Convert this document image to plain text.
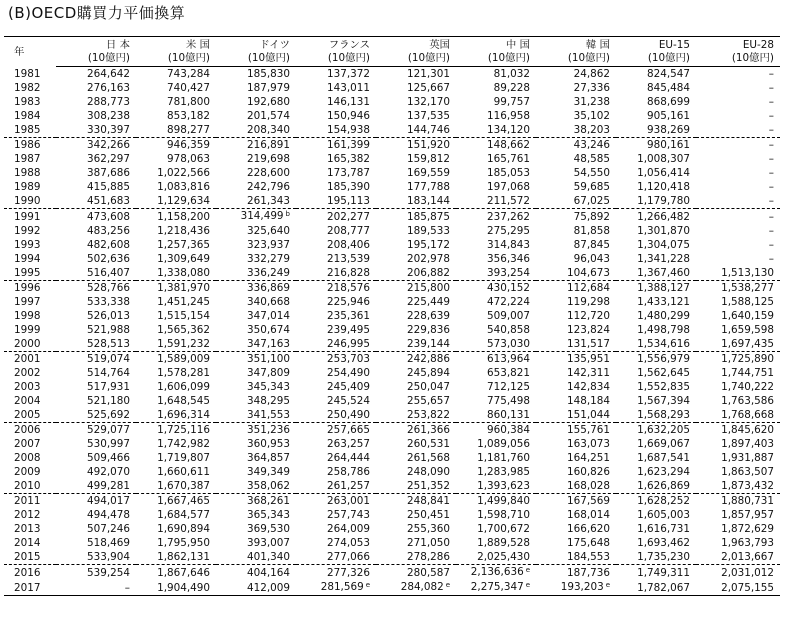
(B)OECD購買力平価換算
年	日 本	米 国	ドイツ	フランス	英国	中 国	韓 国	EU-15	EU-28
	(10億円)	(10億円)	(10億円)	(10億円)	(10億円)	(10億円)	(10億円)	(10億円)	(10億円)
1981	264,642	743,284	185,830	137,372	121,301	81,032	24,862	824,547	–
1982	276,163	740,427	187,979	143,011	125,667	89,228	27,336	845,484	–
1983	288,773	781,800	192,680	146,131	132,170	99,757	31,238	868,699	–
1984	308,238	853,182	201,574	150,946	137,535	116,958	35,102	905,161	–
1985	330,397	898,277	208,340	154,938	144,746	134,120	38,203	938,269	–
1986	342,266	946,359	216,891	161,399	151,920	148,662	43,246	980,161	–
1987	362,297	978,063	219,698	165,382	159,812	165,761	48,585	1,008,307	–
1988	387,686	1,022,566	228,600	173,787	169,559	185,053	54,550	1,056,414	–
1989	415,885	1,083,816	242,796	185,390	177,788	197,068	59,685	1,120,418	–
1990	451,683	1,129,634	261,343	195,113	183,144	211,572	67,025	1,179,780	–
1991	473,608	1,158,200	314,499 $^b$	202,277	185,875	237,262	75,892	1,266,482	–
1992	483,256	1,218,436	325,640	208,777	189,533	275,295	81,858	1,301,870	–
1993	482,608	1,257,365	323,937	208,406	195,172	314,843	87,845	1,304,075	–
1994	502,636	1,309,649	332,279	213,539	202,978	356,346	96,043	1,341,228	–
1995	516,407	1,338,080	336,249	216,828	206,882	393,254	104,673	1,367,460	1,513,130
1996	528,766	1,381,970	336,869	218,576	215,800	430,152	112,684	1,388,127	1,538,277
1997	533,338	1,451,245	340,668	225,946	225,449	472,224	119,298	1,433,121	1,588,125
1998	526,013	1,515,154	347,014	235,361	228,639	509,007	112,720	1,480,299	1,640,159
1999	521,988	1,565,362	350,674	239,495	229,836	540,858	123,824	1,498,798	1,659,598
2000	528,513	1,591,232	347,163	246,995	239,144	573,030	131,517	1,534,616	1,697,435
2001	519,074	1,589,009	351,100	253,703	242,886	613,964	135,951	1,556,979	1,725,890
2002	514,764	1,578,281	347,809	254,490	245,894	653,821	142,311	1,562,645	1,744,751
2003	517,931	1,606,099	345,343	245,409	250,047	712,125	142,834	1,552,835	1,740,222
2004	521,180	1,648,545	348,295	245,524	255,657	775,498	148,184	1,567,394	1,763,586
2005	525,692	1,696,314	341,553	250,490	253,822	860,131	151,044	1,568,293	1,768,668
2006	529,077	1,725,116	351,236	257,665	261,366	960,384	155,761	1,632,205	1,845,620
2007	530,997	1,742,982	360,953	263,257	260,531	1,089,056	163,073	1,669,067	1,897,403
2008	509,466	1,719,807	364,857	264,444	261,568	1,181,760	164,251	1,687,541	1,931,887
2009	492,070	1,660,611	349,349	258,786	248,090	1,283,985	160,826	1,623,294	1,863,507
2010	499,281	1,670,387	358,062	261,257	251,352	1,393,623	168,028	1,626,869	1,873,432
2011	494,017	1,667,465	368,261	263,001	248,841	1,499,840	167,569	1,628,252	1,880,731
2012	494,478	1,684,577	365,343	257,743	250,451	1,598,710	168,014	1,605,003	1,857,957
2013	507,246	1,690,894	369,530	264,009	255,360	1,700,672	166,620	1,616,731	1,872,629
2014	518,469	1,795,950	393,007	274,053	271,050	1,889,528	175,648	1,693,462	1,963,793
2015	533,904	1,862,131	401,340	277,066	278,286	2,025,430	184,553	1,735,230	2,013,667
2016	539,254	1,867,646	404,164	277,326	280,587	2,136,636 $^e$	187,736	1,749,311	2,031,012
2017	–	1,904,490	412,009	281,569 $^e$	284,082 $^e$	2,275,347 $^e$	193,203 $^e$	1,782,067	2,075,155
